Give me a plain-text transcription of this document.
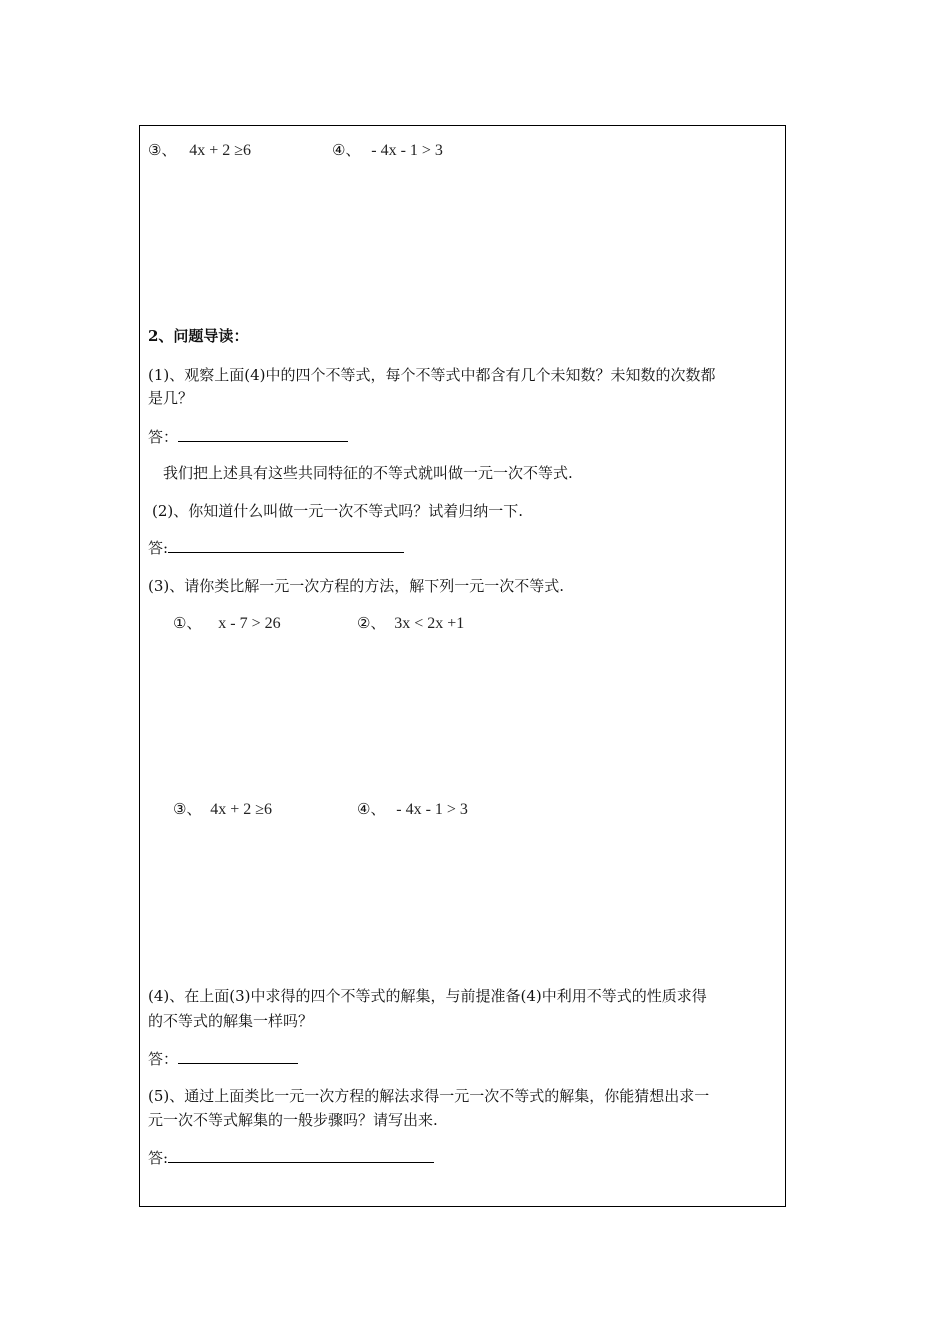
③、 4x + 2 ≥6	④、 - 4x - 1 > 3
2、问题导读：
(1)、观察上面(4)中的四个不等式，每个不等式中都含有几个未知数？未知数的次数都
是几？
答：
我们把上述具有这些共同特征的不等式就叫做一元一次不等式.
(2)、你知道什么叫做一元一次不等式吗？试着归纳一下.
答:
(3)、请你类比解一元一次方程的方法，解下列一元一次不等式.
①、 x - 7 > 26	②、 3x < 2x +1
③、 4x + 2 ≥6	④、 - 4x - 1 > 3
(4)、在上面(3)中求得的四个不等式的解集，与前提准备(4)中利用不等式的性质求得
的不等式的解集一样吗？
答：
(5)、通过上面类比一元一次方程的解法求得一元一次不等式的解集，你能猜想出求一
元一次不等式解集的一般步骤吗？请写出来.
答:
